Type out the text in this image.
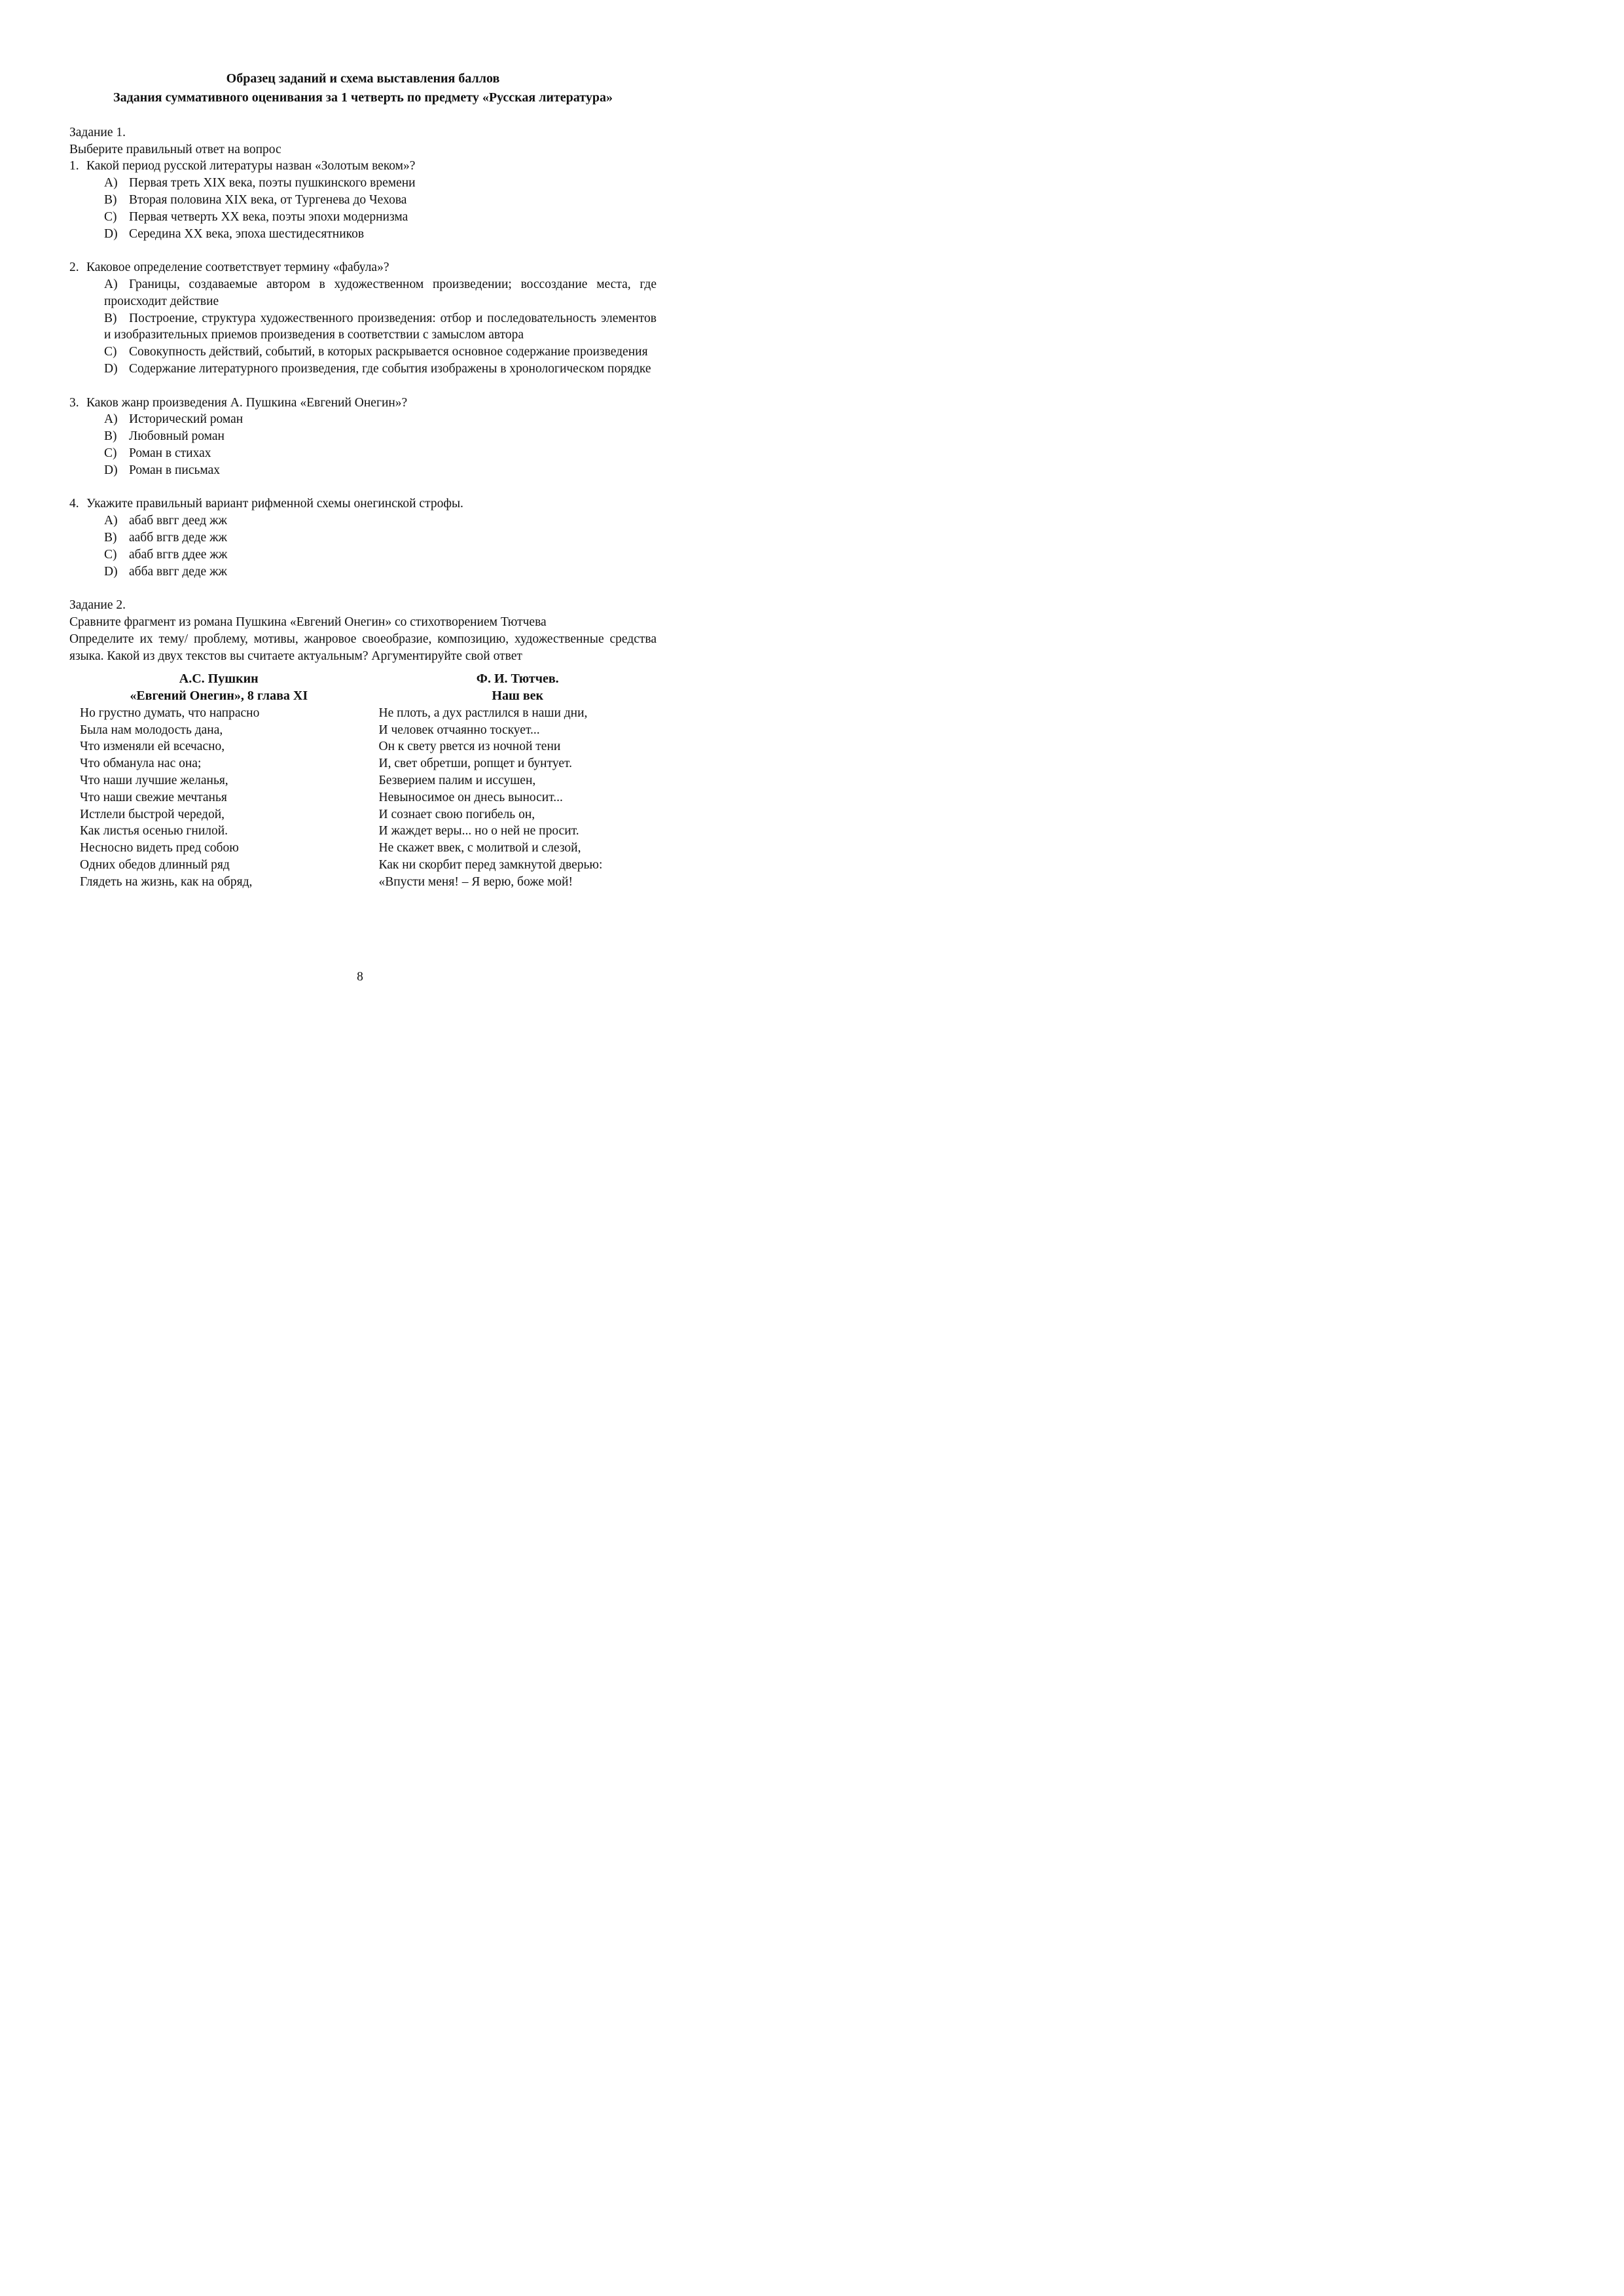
Образец заданий и схема выставления баллов
Задания суммативного оценивания за 1 четверть по предмету «Русская литература»
Задание 1.
Выберите правильный ответ на вопрос
1. Какой период русской литературы назван «Золотым веком»?
A) Первая треть XIX века, поэты пушкинского времени
B) Вторая половина XIX века, от Тургенева до Чехова
C) Первая четверть XX века, поэты эпохи модернизма
D) Середина XX века, эпоха шестидесятников
2. Каковое определение соответствует термину «фабула»?
A) Границы, создаваемые автором в художественном произведении; воссоздание места, где происходит действие
B) Построение, структура художественного произведения: отбор и последовательность элементов и изобразительных приемов произведения в соответствии с замыслом автора
C) Совокупность действий, событий, в которых раскрывается основное содержание произведения
D) Содержание литературного произведения, где события изображены в хронологическом порядке
3. Каков жанр произведения А. Пушкина «Евгений Онегин»?
A) Исторический роман
B) Любовный роман
C) Роман в стихах
D) Роман в письмах
4. Укажите правильный вариант рифменной схемы онегинской строфы.
A) абаб ввгг деед жж
B) аабб вггв деде жж
C) абаб вггв ддее жж
D) абба ввгг деде жж
Задание 2.
Сравните фрагмент из романа Пушкина «Евгений Онегин» со стихотворением Тютчева
Определите их тему/ проблему, мотивы, жанровое своеобразие, композицию, художественные средства языка. Какой из двух текстов вы считаете актуальным? Аргументируйте свой ответ
А.С. Пушкин
«Евгений Онегин», 8 глава XI
Но грустно думать, что напрасно
Была нам молодость дана,
Что изменяли ей всечасно,
Что обманула нас она;
Что наши лучшие желанья,
Что наши свежие мечтанья
Истлели быстрой чередой,
Как листья осенью гнилой.
Несносно видеть пред собою
Одних обедов длинный ряд
Глядеть на жизнь, как на обряд,
Ф. И. Тютчев.
Наш век
Не плоть, а дух растлился в наши дни,
И человек отчаянно тоскует...
Он к свету рвется из ночной тени
И, свет обретши, ропщет и бунтует.
Безверием палим и иссушен,
Невыносимое он днесь выносит...
И сознает свою погибель он,
И жаждет веры... но о ней не просит.
Не скажет ввек, с молитвой и слезой,
Как ни скорбит перед замкнутой дверью:
«Впусти меня! – Я верю, боже мой!
8
